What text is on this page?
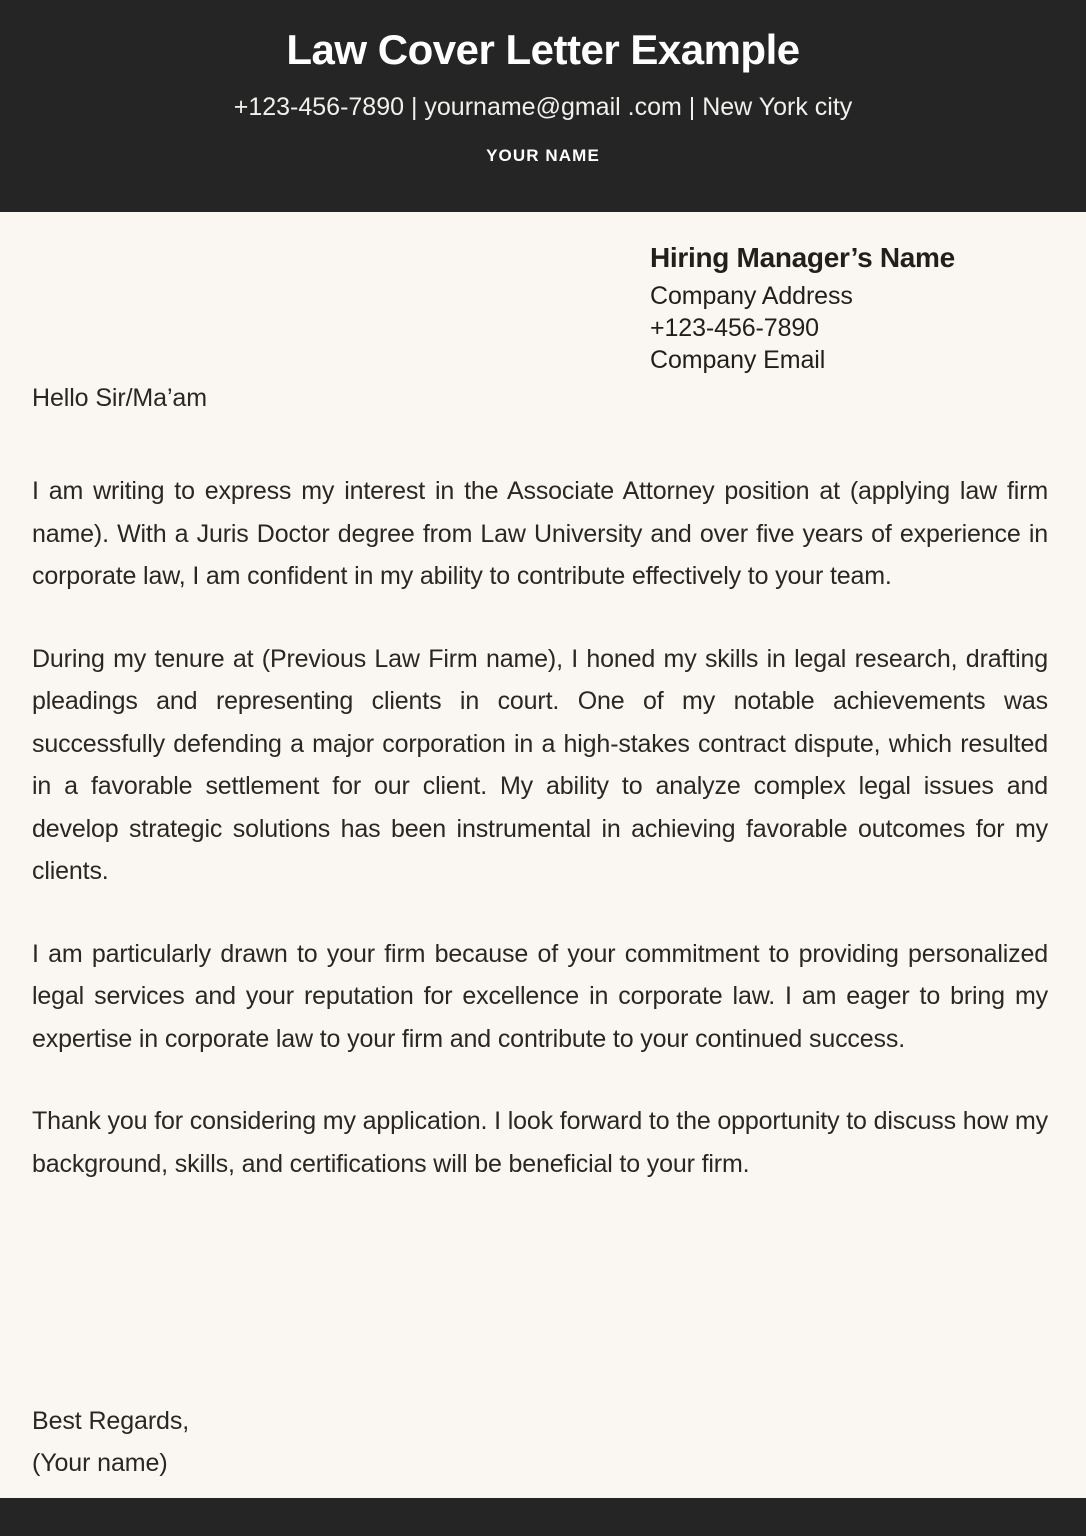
Law Cover Letter Example
+123-456-7890 | yourname@gmail .com | New York city
YOUR NAME
Hiring Manager’s Name
Company Address
+123-456-7890
Company Email
Hello Sir/Ma’am

I am writing to express my interest in the Associate Attorney position at (applying law firm name). With a Juris Doctor degree from Law University and over five years of experience in corporate law, I am confident in my ability to contribute effectively to your team.

During my tenure at (Previous Law Firm name), I honed my skills in legal research, drafting pleadings and representing clients in court. One of my notable achievements was successfully defending a major corporation in a high-stakes contract dispute, which resulted in a favorable settlement for our client. My ability to analyze complex legal issues and develop strategic solutions has been instrumental in achieving favorable outcomes for my clients.

I am particularly drawn to your firm because of your commitment to providing personalized legal services and your reputation for excellence in corporate law. I am eager to bring my expertise in corporate law to your firm and contribute to your continued success.

Thank you for considering my application. I look forward to the opportunity to discuss how my background, skills, and certifications will be beneficial to your firm.

Best Regards,
(Your name)
